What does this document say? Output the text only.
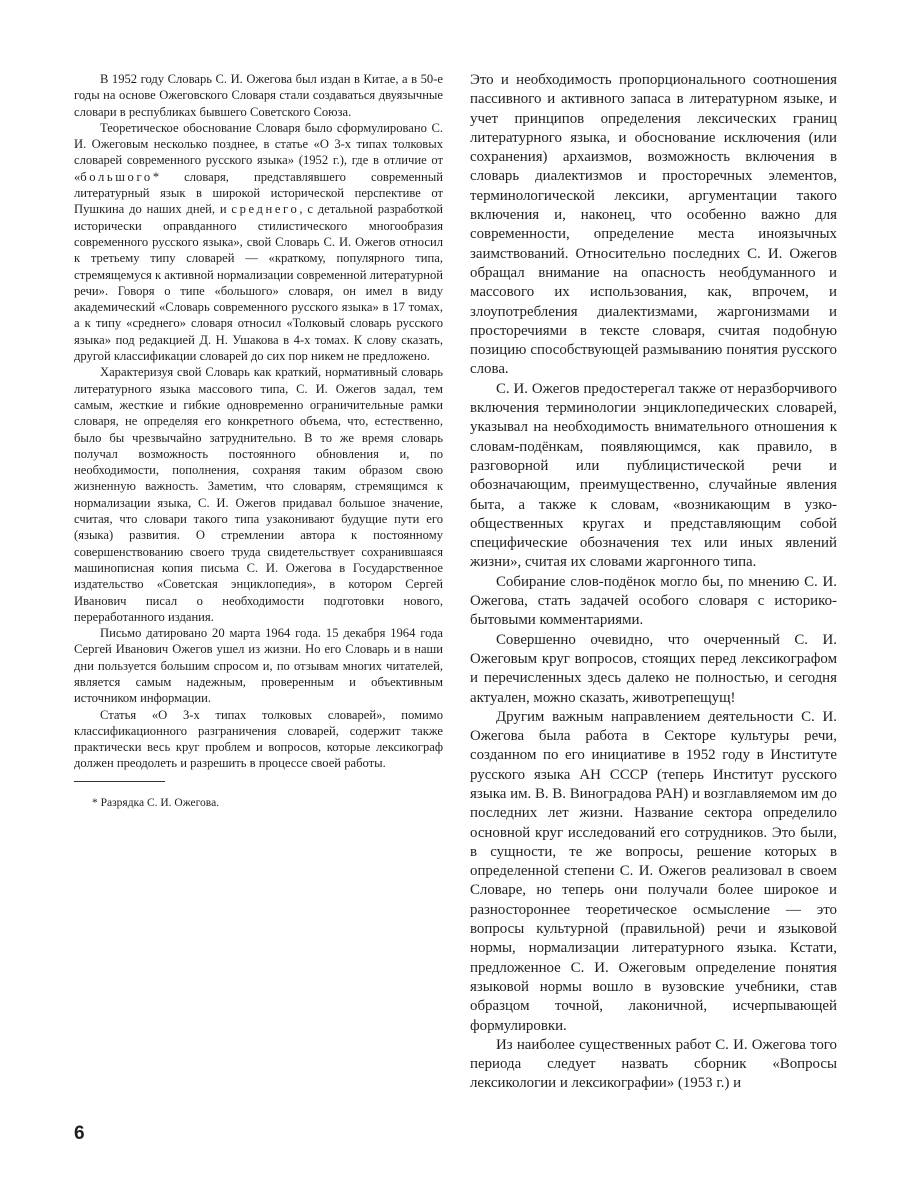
В 1952 году Словарь С. И. Ожегова был издан в Китае, а в 50-е годы на основе Ожеговского Словаря стали создаваться двуязычные словари в республиках бывшего Советского Союза.

Теоретическое обоснование Словаря было сформулировано С. И. Ожеговым несколько позднее, в статье «О 3-х типах толковых словарей современного русского языка» (1952 г.), где в отличие от «большого* словаря, представлявшего современный литературный язык в широкой исторической перспективе от Пушкина до наших дней, и среднего, с детальной разработкой исторически оправданного стилистического многообразия современного русского языка», свой Словарь С. И. Ожегов относил к третьему типу словарей — «краткому, популярного типа, стремящемуся к активной нормализации современной литературной речи». Говоря о типе «большого» словаря, он имел в виду академический «Словарь современного русского языка» в 17 томах, а к типу «среднего» словаря относил «Толковый словарь русского языка» под редакцией Д. Н. Ушакова в 4-х томах. К слову сказать, другой классификации словарей до сих пор никем не предложено.

Характеризуя свой Словарь как краткий, нормативный словарь литературного языка массового типа, С. И. Ожегов задал, тем самым, жесткие и гибкие одновременно ограничительные рамки словаря, не определяя его конкретного объема, что, естественно, было бы чрезвычайно затруднительно. В то же время словарь получал возможность постоянного обновления и, по необходимости, пополнения, сохраняя таким образом свою жизненную важность. Заметим, что словарям, стремящимся к нормализации языка, С. И. Ожегов придавал большое значение, считая, что словари такого типа узаконивают будущие пути его (языка) развития. О стремлении автора к постоянному совершенствованию своего труда свидетельствует сохранившаяся машинописная копия письма С. И. Ожегова в Государственное издательство «Советская энциклопедия», в котором Сергей Иванович писал о необходимости подготовки нового, переработанного издания.

Письмо датировано 20 марта 1964 года. 15 декабря 1964 года Сергей Иванович Ожегов ушел из жизни. Но его Словарь и в наши дни пользуется большим спросом и, по отзывам многих читателей, является самым надежным, проверенным и объективным источником информации.

Статья «О 3-х типах толковых словарей», помимо классификационного разграничения словарей, содержит также практически весь круг проблем и вопросов, которые лексикограф должен преодолеть и разрешить в процессе своей работы.

Это и необходимость пропорционального соотношения пассивного и активного запаса в литературном языке, и учет принципов определения лексических границ литературного языка, и обоснование исключения (или сохранения) архаизмов, возможность включения в словарь диалектизмов и просторечных элементов, терминологической лексики, аргументации такого включения и, наконец, что особенно важно для современности, определение места иноязычных заимствований. Относительно последних С. И. Ожегов обращал внимание на опасность необдуманного и массового их использования, как, впрочем, и злоупотребления диалектизмами, жаргонизмами и просторечиями в тексте словаря, считая подобную позицию способствующей размыванию понятия русского слова.

С. И. Ожегов предостерегал также от неразборчивого включения терминологии энциклопедических словарей, указывал на необходимость внимательного отношения к словам-подёнкам, появляющимся, как правило, в разговорной или публицистической речи и обозначающим, преимущественно, случайные явления быта, а также к словам, «возникающим в узко-общественных кругах и представляющим собой специфические обозначения тех или иных явлений жизни», считая их словами жаргонного типа.

Собирание слов-подёнок могло бы, по мнению С. И. Ожегова, стать задачей особого словаря с историко-бытовыми комментариями.

Совершенно очевидно, что очерченный С. И. Ожеговым круг вопросов, стоящих перед лексикографом и перечисленных здесь далеко не полностью, и сегодня актуален, можно сказать, животрепещущ!

Другим важным направлением деятельности С. И. Ожегова была работа в Секторе культуры речи, созданном по его инициативе в 1952 году в Институте русского языка АН СССР (теперь Институт русского языка им. В. В. Виноградова РАН) и возглавляемом им до последних лет жизни. Название сектора определило основной круг исследований его сотрудников. Это были, в сущности, те же вопросы, решение которых в определенной степени С. И. Ожегов реализовал в своем Словаре, но теперь они получали более широкое и разностороннее теоретическое осмысление — это вопросы культурной (правильной) речи и языковой нормы, нормализации литературного языка. Кстати, предложенное С. И. Ожеговым определение понятия языковой нормы вошло в вузовские учебники, став образцом точной, лаконичной, исчерпывающей формулировки.

Из наиболее существенных работ С. И. Ожегова того периода следует назвать сборник «Вопросы лексикологии и лексикографии» (1953 г.) и

* Разрядка С. И. Ожегова.
6
